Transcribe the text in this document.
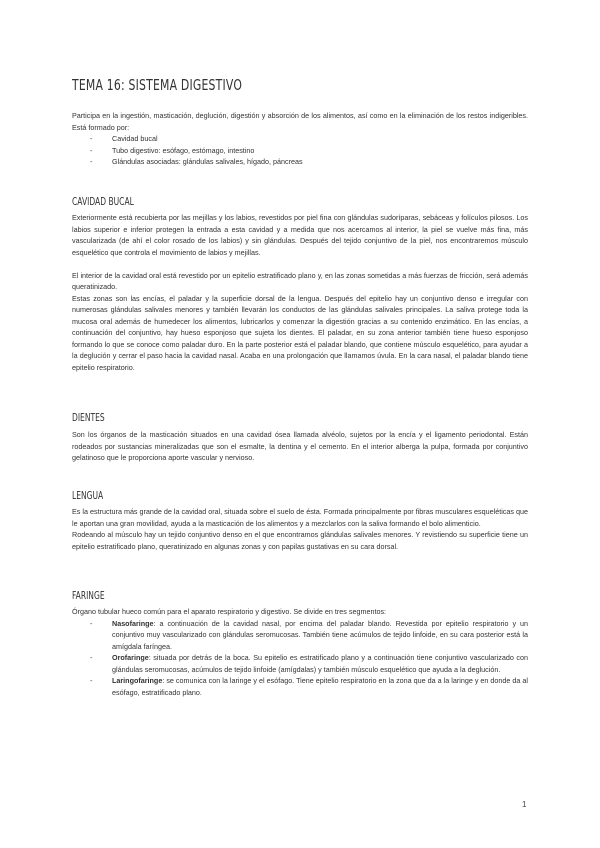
TEMA 16: SISTEMA DIGESTIVO

Participa en la ingestión, masticación, deglución, digestión y absorción de los alimentos, así como en la eliminación de los restos indigeribles. Está formado por:

-	Cavidad bucal
-	Tubo digestivo: esófago, estómago, intestino
-	Glándulas asociadas: glándulas salivales, hígado, páncreas
CAVIDAD BUCAL

Exteriormente está recubierta por las mejillas y los labios, revestidos por piel fina con glándulas sudoríparas, sebáceas y folículos pilosos. Los labios superior e inferior protegen la entrada a esta cavidad y a medida que nos acercamos al interior, la piel se vuelve más fina, más vascularizada (de ahí el color rosado de los labios) y sin glándulas. Después del tejido conjuntivo de la piel, nos encontraremos músculo esquelético que controla el movimiento de labios y mejillas.

El interior de la cavidad oral está revestido por un epitelio estratificado plano y, en las zonas sometidas a más fuerzas de fricción, será además queratinizado.

Estas zonas son las encías, el paladar y la superficie dorsal de la lengua. Después del epitelio hay un conjuntivo denso e irregular con numerosas glándulas salivales menores y también llevarán los conductos de las glándulas salivales principales. La saliva protege toda la mucosa oral además de humedecer los alimentos, lubricarlos y comenzar la digestión gracias a su contenido enzimático. En las encías, a continuación del conjuntivo, hay hueso esponjoso que sujeta los dientes. El paladar, en su zona anterior también tiene hueso esponjoso formando lo que se conoce como paladar duro. En la parte posterior está el paladar blando, que contiene músculo esquelético, para ayudar a la deglución y cerrar el paso hacia la cavidad nasal. Acaba en una prolongación que llamamos úvula. En la cara nasal, el paladar blando tiene epitelio respiratorio.

DIENTES

Son los órganos de la masticación situados en una cavidad ósea llamada alvéolo, sujetos por la encía y el ligamento periodontal. Están rodeados por sustancias mineralizadas que son el esmalte, la dentina y el cemento. En el interior alberga la pulpa, formada por conjuntivo gelatinoso que le proporciona aporte vascular y nervioso.

LENGUA

Es la estructura más grande de la cavidad oral, situada sobre el suelo de ésta. Formada principalmente por fibras musculares esqueléticas que le aportan una gran movilidad, ayuda a la masticación de los alimentos y a mezclarlos con la saliva formando el bolo alimenticio.

Rodeando al músculo hay un tejido conjuntivo denso en el que encontramos glándulas salivales menores. Y revistiendo su superficie tiene un epitelio estratificado plano, queratinizado en algunas zonas y con papilas gustativas en su cara dorsal.

FARINGE

Órgano tubular hueco común para el aparato respiratorio y digestivo. Se divide en tres segmentos:

-	Nasofaringe: a continuación de la cavidad nasal, por encima del paladar blando. Revestida por epitelio respiratorio y un conjuntivo muy vascularizado con glándulas seromucosas. También tiene acúmulos de tejido linfoide, en su cara posterior está la amígdala faríngea.
-	Orofaringe: situada por detrás de la boca. Su epitelio es estratificado plano y a continuación tiene conjuntivo vascularizado con glándulas seromucosas, acúmulos de tejido linfoide (amígdalas) y también músculo esquelético que ayuda a la deglución.
-	Laringofaringe: se comunica con la laringe y el esófago. Tiene epitelio respiratorio en la zona que da a la laringe y en donde da al esófago, estratificado plano.
1
